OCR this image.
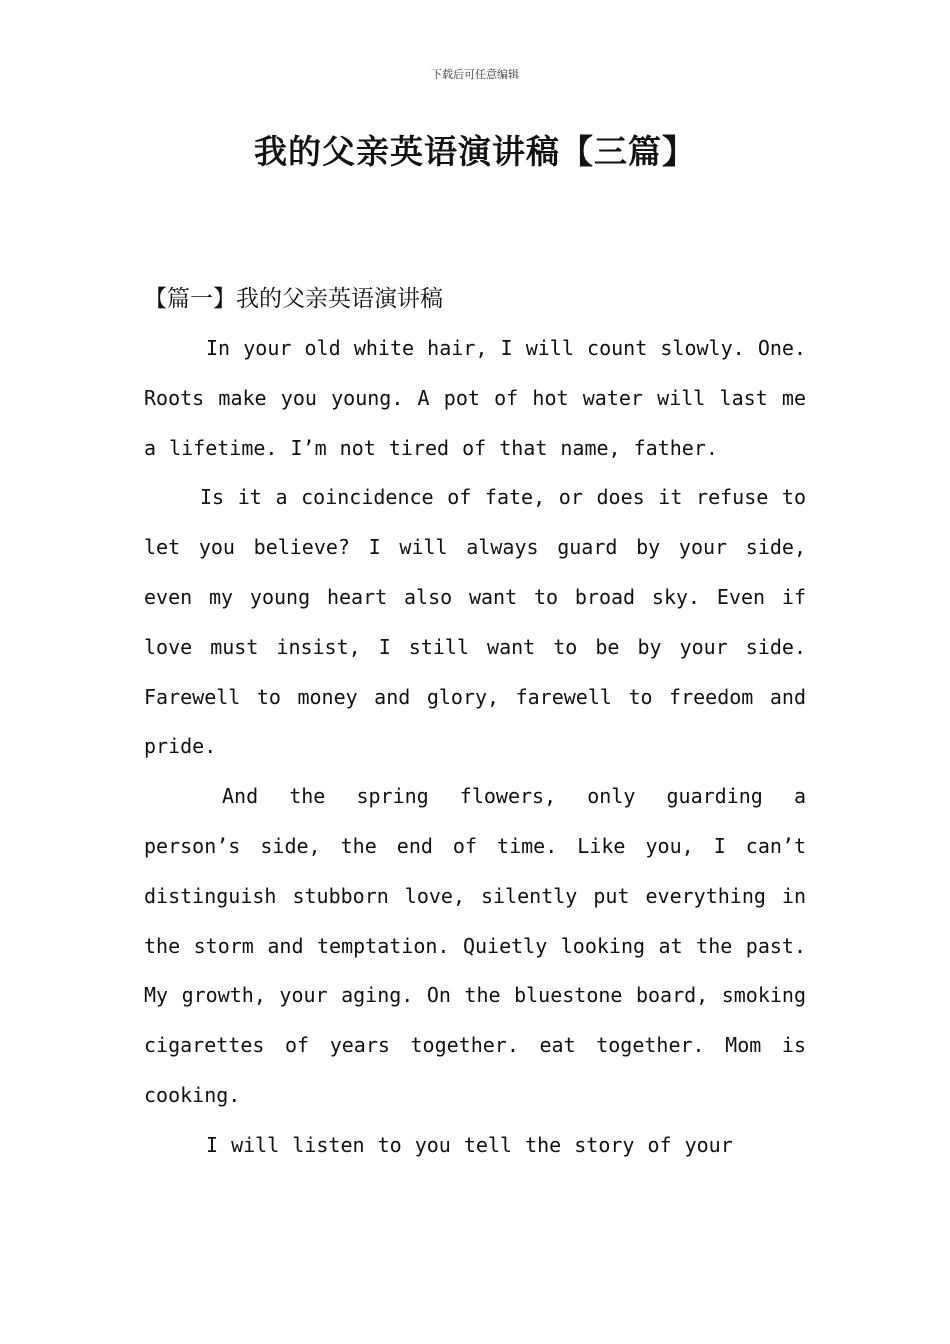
下载后可任意编辑
我的父亲英语演讲稿【三篇】
【篇一】我的父亲英语演讲稿

In your old white hair, I will count slowly. One. Roots make you young. A pot of hot water will last me a lifetime. I’m not tired of that name, father.

Is it a coincidence of fate, or does it refuse to let you believe? I will always guard by your side, even my young heart also want to broad sky. Even if love must insist, I still want to be by your side. Farewell to money and glory, farewell to freedom and pride.

And the spring flowers, only guarding a person’s side, the end of time. Like you, I can’t distinguish stubborn love, silently put everything in the storm and temptation. Quietly looking at the past. My growth, your aging. On the bluestone board, smoking cigarettes of years together. eat together. Mom is cooking.

I will listen to you tell the story of your
